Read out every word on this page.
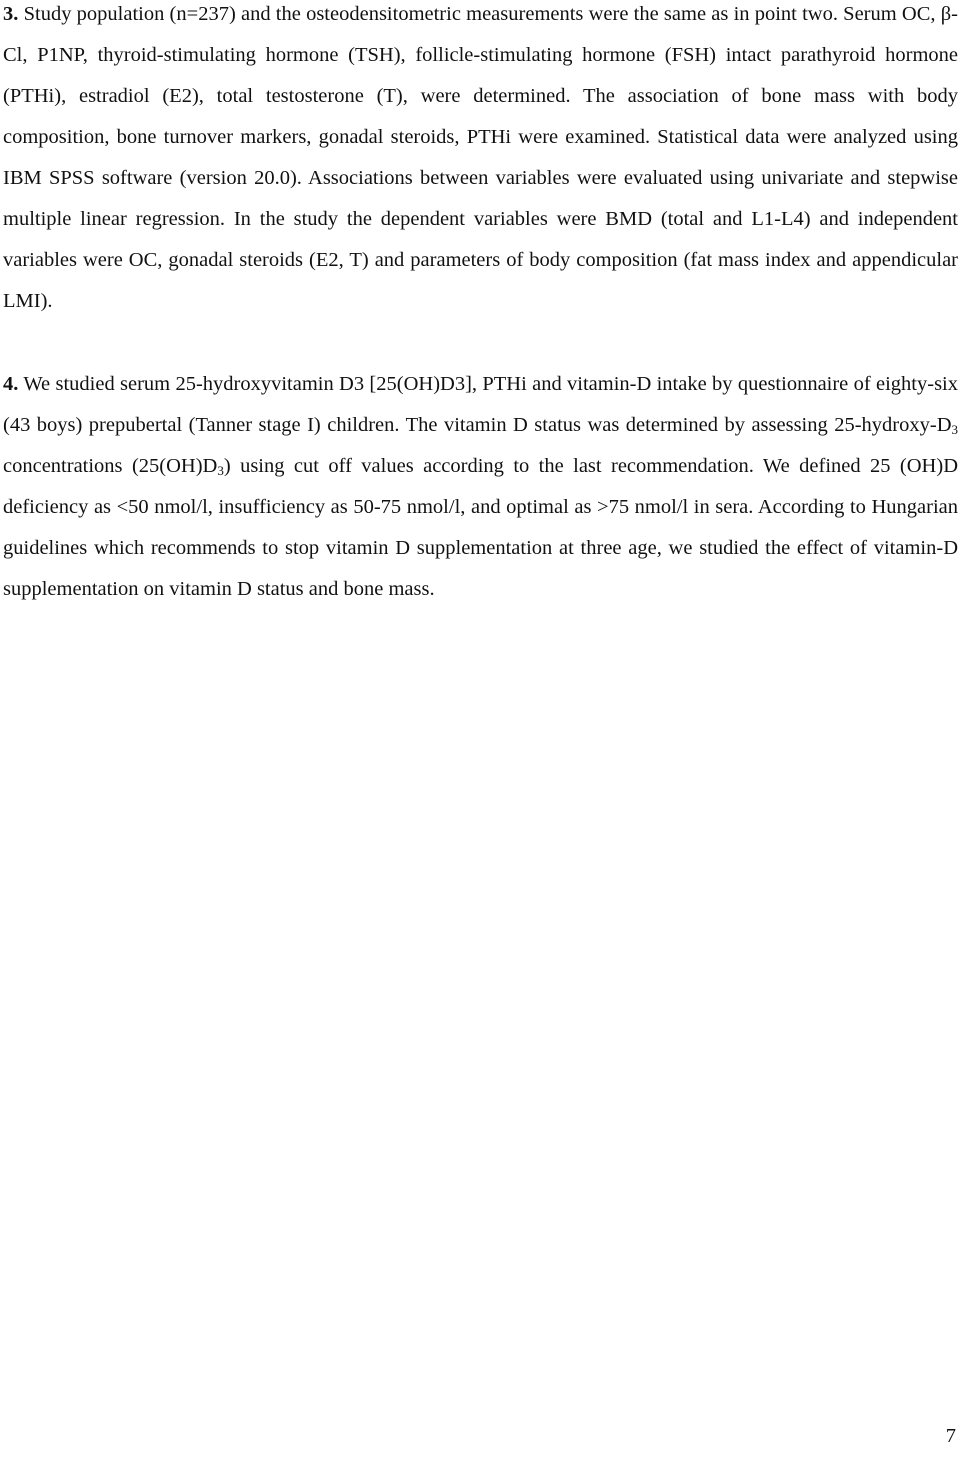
3. Study population (n=237) and the osteodensitometric measurements were the same as in point two. Serum OC, β-Cl, P1NP, thyroid-stimulating hormone (TSH), follicle-stimulating hormone (FSH) intact parathyroid hormone (PTHi), estradiol (E2), total testosterone (T), were determined. The association of bone mass with body composition, bone turnover markers, gonadal steroids, PTHi were examined. Statistical data were analyzed using IBM SPSS software (version 20.0). Associations between variables were evaluated using univariate and stepwise multiple linear regression. In the study the dependent variables were BMD (total and L1-L4) and independent variables were OC, gonadal steroids (E2, T) and parameters of body composition (fat mass index and appendicular LMI).

4. We studied serum 25-hydroxyvitamin D3 [25(OH)D3], PTHi and vitamin-D intake by questionnaire of eighty-six (43 boys) prepubertal (Tanner stage I) children. The vitamin D status was determined by assessing $25-hydroxy-D_3$ concentrations $(25(OH)D_3)$ using cut off values according to the last recommendation. We defined 25 (OH)D deficiency as <50 nmol/l, insufficiency as 50-75 nmol/l, and optimal as >75 nmol/l in sera. According to Hungarian guidelines which recommends to stop vitamin D supplementation at three age, we studied the effect of vitamin-D supplementation on vitamin D status and bone mass.

7
